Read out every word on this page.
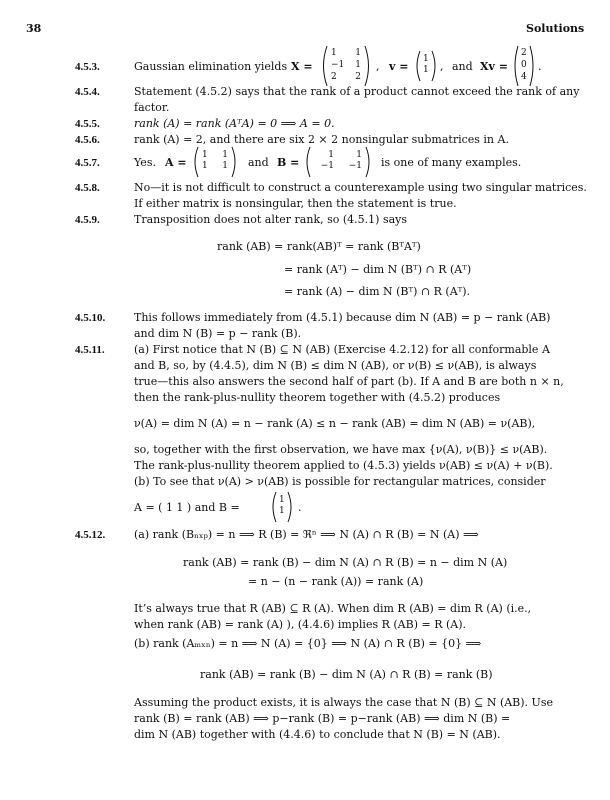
38	Solutions
4.5.3.	Gaussian elimination yields X =
1 1
−1 1
2 2
, v =
1
1 , and Xv =
2
0
4
.
4.5.4.	Statement (4.5.2) says that the rank of a product cannot exceed the rank of any
factor.
4.5.5.	rank (A) = rank (AᵀA) = 0 ⟹ A = 0.
4.5.6.	rank (A) = 2, and there are six 2 × 2 nonsingular submatrices in A.
4.5.7.	Yes. A =
1 1
1 1 and B =
1	1
−1	−1 is one of many examples.
4.5.8.	No—it is not difficult to construct a counterexample using two singular matrices.
If either matrix is nonsingular, then the statement is true.
4.5.9.	Transposition does not alter rank, so (4.5.1) says
rank (AB) = rank(AB)ᵀ = rank (BᵀAᵀ)
= rank (Aᵀ) − dim N (Bᵀ) ∩ R (Aᵀ)
= rank (A) − dim N (Bᵀ) ∩ R (Aᵀ).
4.5.10.	This follows immediately from (4.5.1) because dim N (AB) = p − rank (AB)
and dim N (B) = p − rank (B).
4.5.11.	(a) First notice that N (B) ⊆ N (AB) (Exercise 4.2.12) for all conformable A
and B, so, by (4.4.5), dim N (B) ≤ dim N (AB), or ν(B) ≤ ν(AB), is always
true—this also answers the second half of part (b). If A and B are both n × n,
then the rank-plus-nullity theorem together with (4.5.2) produces
ν(A) = dim N (A) = n − rank (A) ≤ n − rank (AB) = dim N (AB) = ν(AB),
so, together with the first observation, we have max {ν(A), ν(B)} ≤ ν(AB).
The rank-plus-nullity theorem applied to (4.5.3) yields ν(AB) ≤ ν(A) + ν(B).
(b) To see that ν(A) > ν(AB) is possible for rectangular matrices, consider
A = ( 1 1 ) and B =
1
1 .
4.5.12.	(a) rank (Bₙₓₚ) = n ⟹ R (B) = ℜⁿ ⟹ N (A) ∩ R (B) = N (A) ⟹
rank (AB) = rank (B) − dim N (A) ∩ R (B) = n − dim N (A)
= n − (n − rank (A)) = rank (A)
It’s always true that R (AB) ⊆ R (A). When dim R (AB) = dim R (A) (i.e.,
when rank (AB) = rank (A) ), (4.4.6) implies R (AB) = R (A).
(b) rank (Aₘₓₙ) = n ⟹ N (A) = {0} ⟹ N (A) ∩ R (B) = {0} ⟹
rank (AB) = rank (B) − dim N (A) ∩ R (B) = rank (B)
Assuming the product exists, it is always the case that N (B) ⊆ N (AB). Use
rank (B) = rank (AB) ⟹ p−rank (B) = p−rank (AB) ⟹ dim N (B) =
dim N (AB) together with (4.4.6) to conclude that N (B) = N (AB).
